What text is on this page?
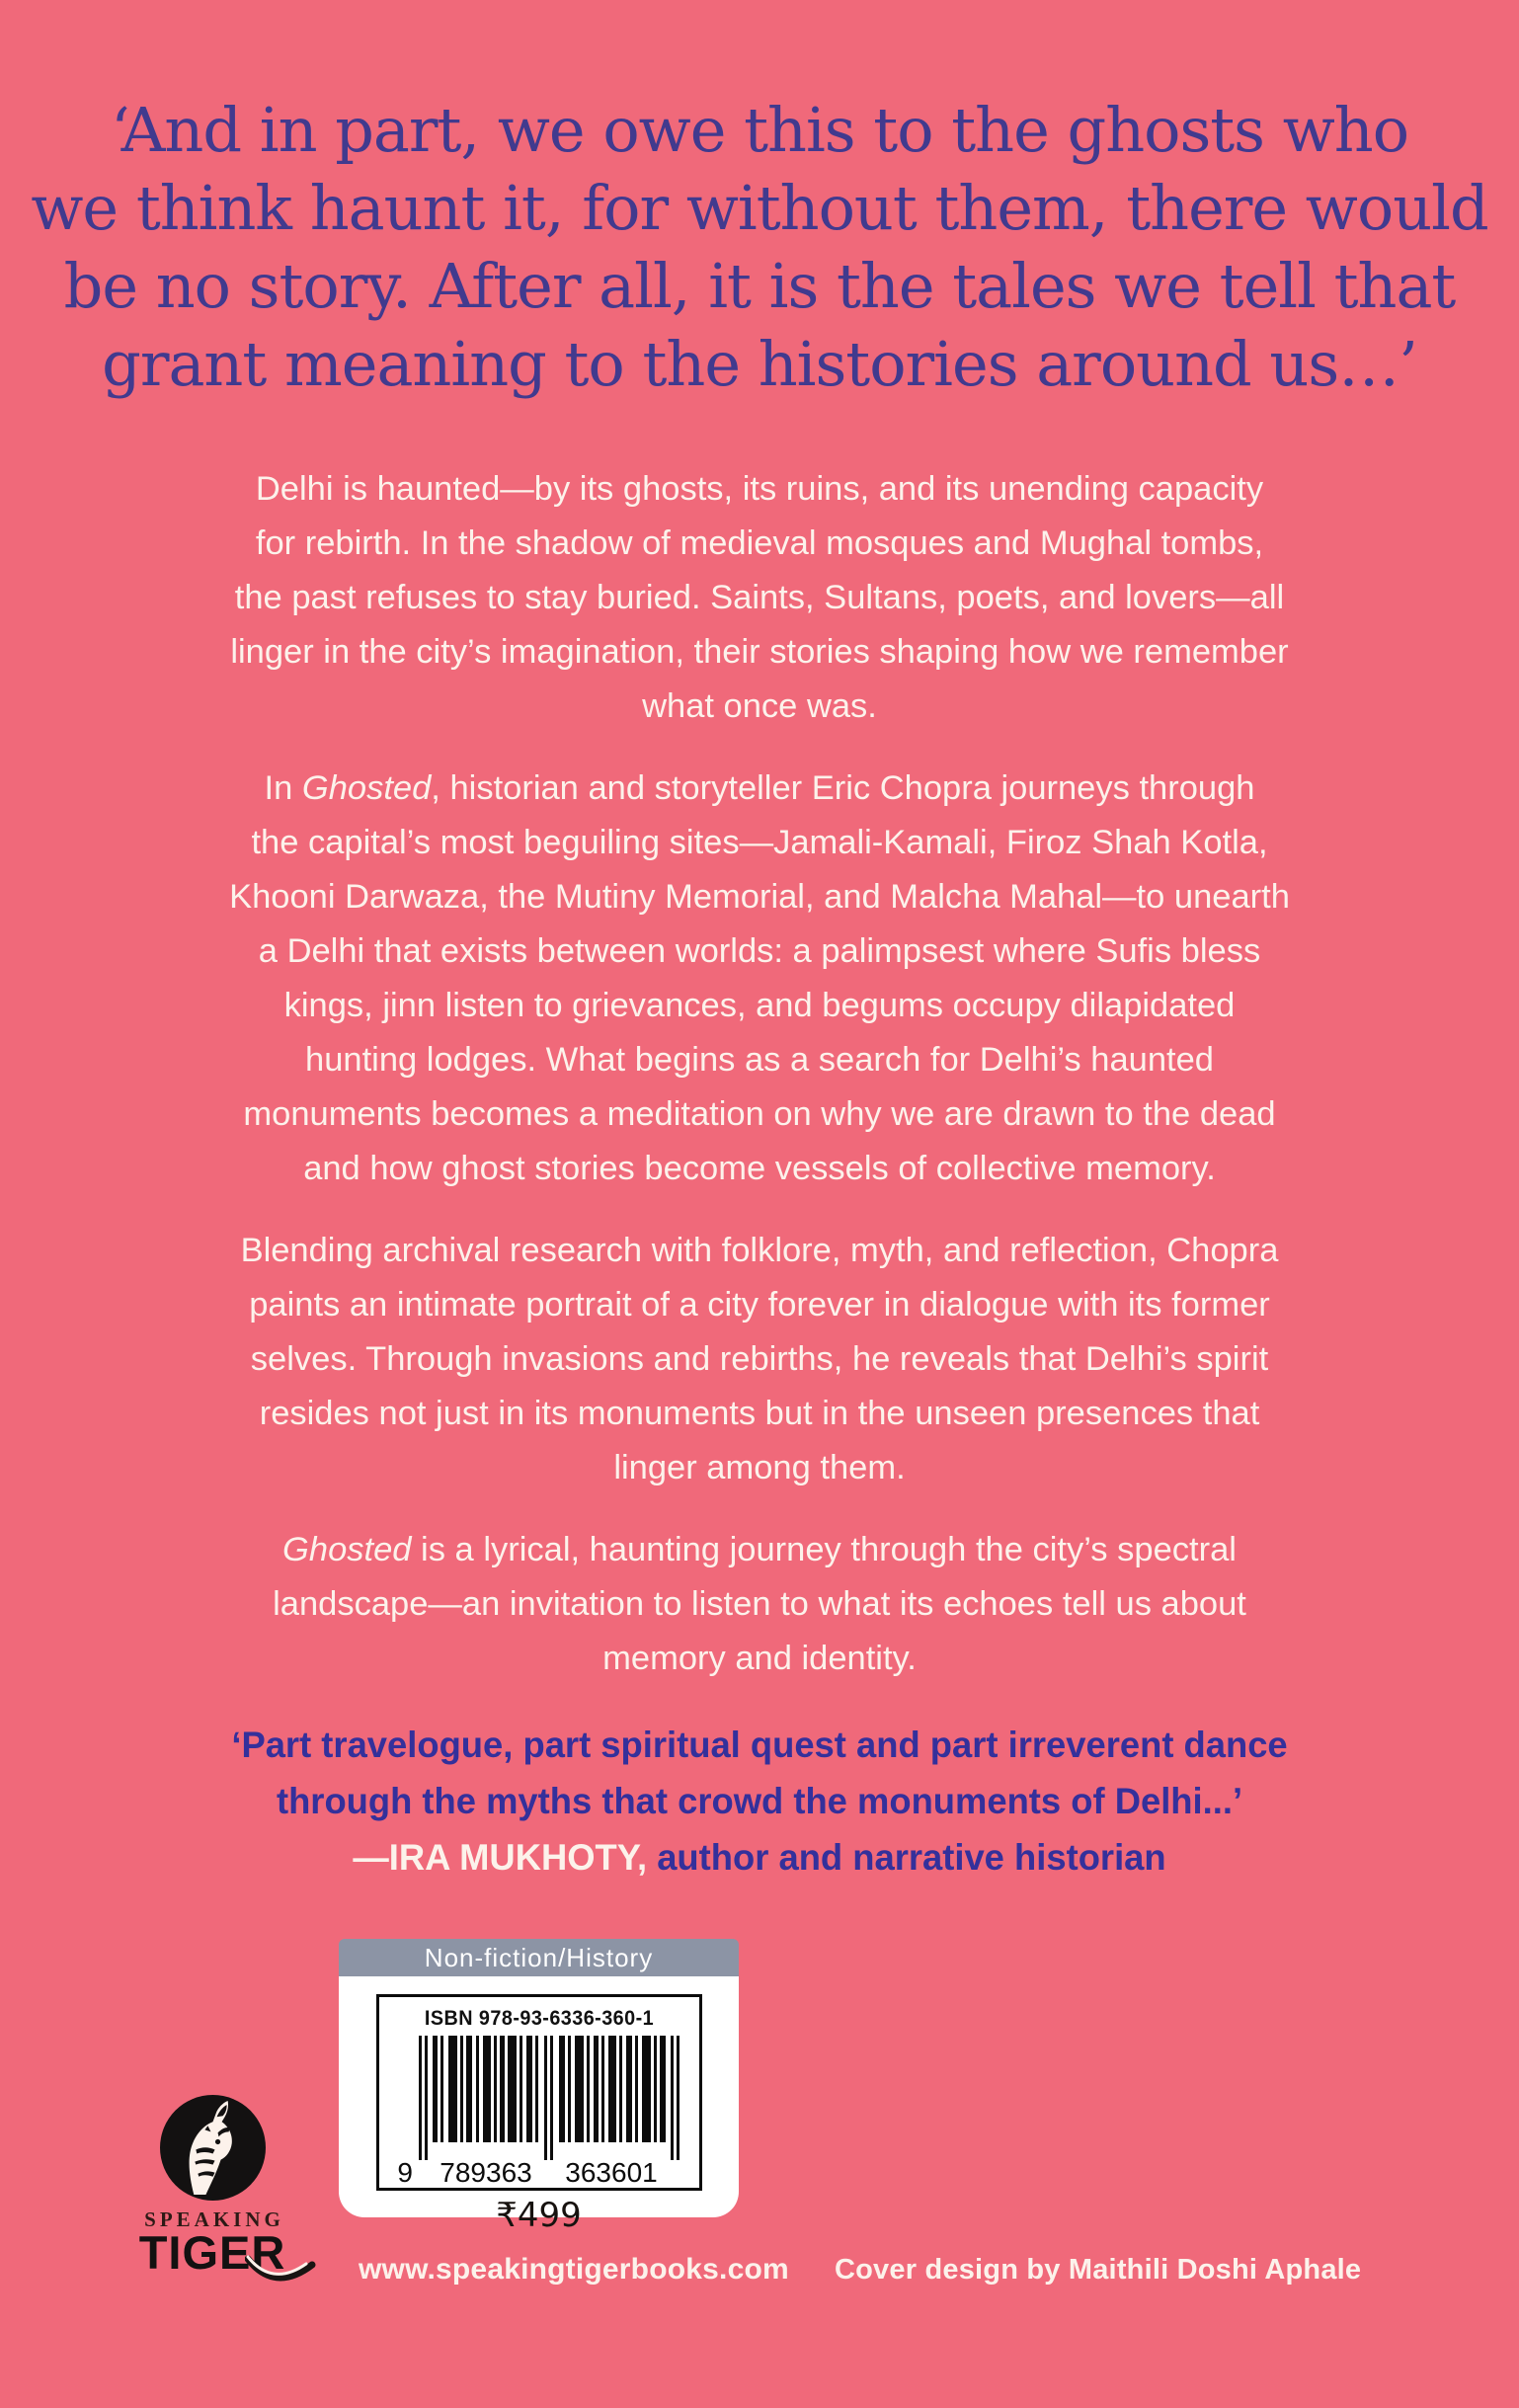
‘And in part, we owe this to the ghosts who
we think haunt it, for without them, there would
be no story. After all, it is the tales we tell that
grant meaning to the histories around us…’
Delhi is haunted—by its ghosts, its ruins, and its unending capacity
for rebirth. In the shadow of medieval mosques and Mughal tombs,
the past refuses to stay buried. Saints, Sultans, poets, and lovers—all
linger in the city’s imagination, their stories shaping how we remember
what once was.
In Ghosted, historian and storyteller Eric Chopra journeys through
the capital’s most beguiling sites—Jamali-Kamali, Firoz Shah Kotla,
Khooni Darwaza, the Mutiny Memorial, and Malcha Mahal—to unearth
a Delhi that exists between worlds: a palimpsest where Sufis bless
kings, jinn listen to grievances, and begums occupy dilapidated
hunting lodges. What begins as a search for Delhi’s haunted
monuments becomes a meditation on why we are drawn to the dead
and how ghost stories become vessels of collective memory.
Blending archival research with folklore, myth, and reflection, Chopra
paints an intimate portrait of a city forever in dialogue with its former
selves. Through invasions and rebirths, he reveals that Delhi’s spirit
resides not just in its monuments but in the unseen presences that
linger among them.
Ghosted is a lyrical, haunting journey through the city’s spectral
landscape—an invitation to listen to what its echoes tell us about
memory and identity.
‘Part travelogue, part spiritual quest and part irreverent dance
through the myths that crowd the monuments of Delhi...’
—IRA MUKHOTY, author and narrative historian
Non-fiction/History
ISBN 978-93-6336-360-1
9 789363 363601
₹499
SPEAKING
TIGER www.speakingtigerbooks.com Cover design by Maithili Doshi Aphale
